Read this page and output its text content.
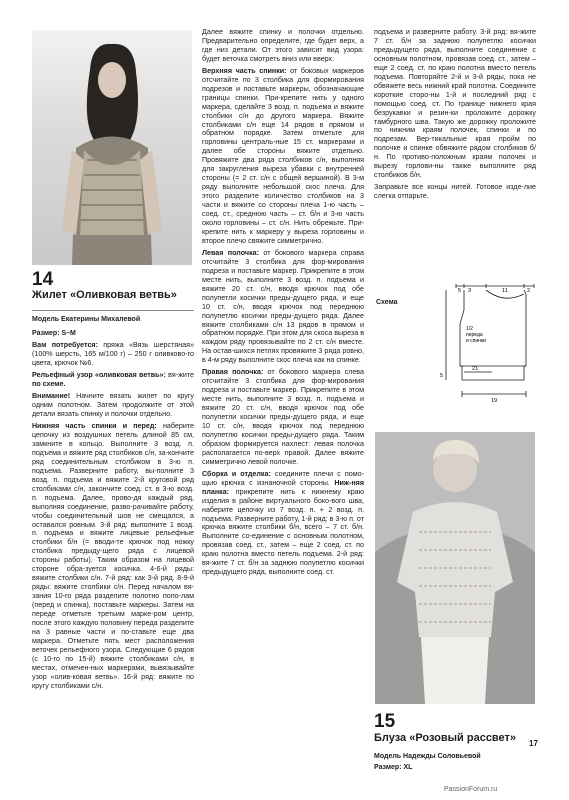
14
Жилет «Оливковая ветвь»
Модель Екатерины Михалевой

Размер: S–M

Вам потребуется: пряжа «Вязь шерстяная» (100% шерсть, 165 м/100 г) – 250 г оливково-го цвета, крючок №6.

Рельефный узор «оливковая ветвь»: вя-жите по схеме.

Внимание! Начните вязать жилет по кругу одним полотном. Затем продолжите от этой детали вязать спинку и полочки отдельно.

Нижняя часть спинки и перед: наберите цепочку из воздушных петель длиной 85 см, замкните в кольцо. Выполните 3 возд. п. подъема и вяжите ряд столбиков с/н, за-кончите ряд соединительным столбиком в 3-ю п. подъема. Разверните работу, вы-полните 3 возд. п. подъема и вяжите 2-й круговой ряд столбиками с/н, закончите соед. ст. в 3-ю возд. п. подъема. Далее, прово-дя каждый ряд, выполняя соединение, разво-рачивайте работу, чтобы соединительный шов не смещался, а оставался ровным. 3-й ряд: выполните 1 возд. п. подъема и вяжите лицевые рельефные столбики б/н (= вводи-те крючок под ножку столбика предыду-щего ряда с лицевой стороны работы). Таким образом на лицевой стороне обра-зуется косичка. 4-6-й ряды: вяжите столбики с/н. 7-й ряд: как 3-й ряд. 8-9-й ряды: вяжите столбики с/н. Перед началом вя-зания 10-го ряда разделите полотно попо-лам (перед и спинка), поставьте маркеры. Затем на переде отметьте третьим марке-ром центр, после этого каждую половину переда разделите на 3 равные части и по-ставьте еще два маркера. Отметьте пять мест расположения веточек рельефного узора. Следующие 6 рядов (с 10-го по 15-й) вяжите столбиками с/н, в местах, отмечен-ных маркерами, вывязывайте узор «олив-ковая ветвь». 16-й ряд: вяжите по кругу столбиками с/н.

Далее вяжите спинку и полочки отдельно. Предварительно определите, где будет верх, а где низ детали. От этого зависит вид узора: будет веточка смотреть вниз или вверх.

Верхняя часть спинки: от боковых маркеров отсчитайте по 3 столбика для формирования подрезов и поставьте маркеры, обозначающие границы спинки. При-крепите нить у одного маркера, сделайте 3 возд. п. подъема и вяжите столбики с/н до другого маркера. Вяжите столбиками с/н еще 14 рядов в прямом и обратном порядке. Затем отметьте для горловины централь-ные 15 ст. маркерами и далее обе стороны вяжите отдельно. Провяжите два ряда столбиков с/н, выполняя для закругления выреза убавки с внутренней стороны (= 2 ст. с/н с общей вершиной). В 3-м ряду выполните небольшой скос плеча. Для этого разделите количество столбиков на 3 части и вяжите со стороны плеча 1-ю часть – соед. ст., среднюю часть – ст. б/н и 3-ю часть около горловины – ст. с/н. Нить обрежьте. При-крепите нить к маркеру у выреза горловины и второе плечо свяжите симметрично.

Левая полочка: от бокового маркера справа отсчитайте 3 столбика для фор-мирования подреза и поставьте маркер. Прикрепите в этом месте нить, выполните 3 возд. п. подъема и вяжите 20 ст. с/н, вводя крючок под обе полупетли косички преды-дущего ряда, и еще 10 ст. с/н, вводя крючок под переднюю полупетлю косички преды-дущего ряда. Далее вяжите столбиками с/н 13 рядов в прямом и обратном порядке. При этом для скоса выреза в каждом ряду провязывайте по 2 ст. с/н вместе. На остав-шихся петлях провяжите 3 ряда ровно, в 4-м ряду выполните скос плеча как на спинке.

Правая полочка: от бокового маркера слева отсчитайте 3 столбика для фор-мирования подреза и поставьте маркер. Прикрепите в этом месте нить, выполните 3 возд. п. подъема и вяжите 20 ст. с/н, вводя крючок под обе полупетли косички преды-дущего ряда, и еще 10 ст. с/н, вводя крючок под переднюю полупетлю косички преды-дущего ряда. Таким образом формируется нахлест: левая полочка располагается по-верх правой. Далее вяжите симметрично левой полочке.

Сборка и отделка: соедините плечи с помо-щью крючка с изнаночной стороны. Ниж-няя планка: прикрепите нить к нижнему краю изделия в районе виртуального боко-вого шва, наберите цепочку из 7 возд. п. + 2 возд. п. подъема. Разверните работу, 1-й ряд: в 3-ю п. от крючка вяжите столбики б/н, всего – 7 ст. б/н. Выполните со-единение с основным полотном, провязав соед. ст., затем – еще 2 соед. ст. по краю полотна вместо петель подъема. 2-й ряд: вя-жите 7 ст. б/н за заднюю полупетлю косички предыдущего ряда, выполните соед. ст.

подъема и разверните работу. 3-й ряд: вя-жите 7 ст. б/н за заднюю полупетлю косички предыдущего ряда, выполните соединение с основным полотном, провязав соед. ст., затем – еще 2 соед. ст. по краю полотна вместо петель подъема. Повторяйте 2-й и 3-й ряды, пока не обвяжете весь нижний край полотна. Соедините короткие сторо-ны 1-й и последний ряд с помощью соед. ст. По границе нижнего края безрукавки и резин-ки проложите дорожку тамбурного шва. Такую же дорожку проложите по нижним краям полочек, спинки и по подрезам. Вер-тикальные края пройм по полочке и спинке обвяжите рядом столбиков б/н. По противо-положным краям полочек и вырезу горлови-ны также выполните ряд столбиков б/н.

Заправьте все концы нитей. Готовое изде-лие слегка отпарьте.

Схема
5 3	11	2
21
5
19
1/2 переда и спинки
15
Блуза «Розовый рассвет»
Модель Надежды Соловьевой
Размер: XL
17
PassionForum.ru
